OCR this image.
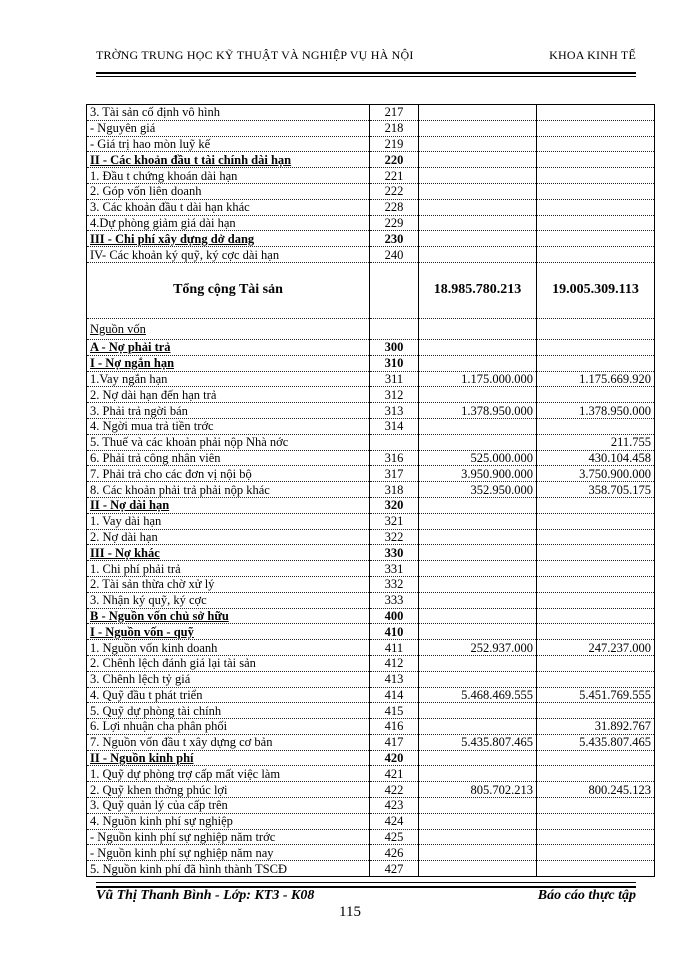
TRỜNG TRUNG HỌC KỸ THUẬT VÀ NGHIỆP VỤ HÀ NỘI	KHOA KINH TẾ
3. Tài sản cố định vô hình	217		
- Nguyên giá	218		
- Giá trị hao mòn luỹ kế	219		
II - Các khoản đầu t tài chính dài hạn	220		
1. Đầu t chứng khoán dài hạn	221		
2. Góp vốn liên doanh	222		
3. Các khoản đầu t dài hạn khác	228		
4.Dự phòng giảm giá dài hạn	229		
III - Chi phí xây dựng dở dang	230		
IV- Các khoản ký quỹ, ký cợc dài hạn	240		
Tổng cộng Tài sản		18.985.780.213	19.005.309.113
Nguồn vốn			
A - Nợ phải trả	300		
I - Nợ ngắn hạn	310		
1.Vay ngắn hạn	311	1.175.000.000	1.175.669.920
2. Nợ dài hạn đến hạn trả	312		
3. Phải trả ngời bán	313	1.378.950.000	1.378.950.000
4. Ngời mua trả tiền trớc	314		
5. Thuế và các khoản phải nộp Nhà nớc			211.755
6. Phải trả công nhân viên	316	525.000.000	430.104.458
7. Phải trả cho các đơn vị nội bộ	317	3.950.900.000	3.750.900.000
8. Các khoản phải trả phải nộp khác	318	352.950.000	358.705.175
II - Nợ dài hạn	320		
1. Vay dài hạn	321		
2. Nợ dài hạn	322		
III - Nợ khác	330		
1. Chi phí phải trả	331		
2. Tài sản thừa chờ xử lý	332		
3. Nhận ký quỹ, ký cợc	333		
B - Nguồn vốn chủ sở hữu	400		
I - Nguồn vốn - quỹ	410		
1. Nguồn vốn kinh doanh	411	252.937.000	247.237.000
2. Chênh lệch đánh giá lại tài sản	412		
3. Chênh lệch tỷ giá	413		
4. Quỹ đầu t phát triển	414	5.468.469.555	5.451.769.555
5. Quỹ dự phòng tài chính	415		
6. Lợi nhuận cha phân phối	416		31.892.767
7. Nguồn vốn đầu t xây dựng cơ bản	417	5.435.807.465	5.435.807.465
II - Nguồn kinh phí	420		
1. Quỹ dự phòng trợ cấp mất việc làm	421		
2. Quỹ khen thởng phúc lợi	422	805.702.213	800.245.123
3. Quỹ quản lý của cấp trên	423		
4. Nguồn kinh phí sự nghiệp	424		
- Nguồn kinh phí sự nghiệp năm trớc	425		
- Nguồn kinh phí sự nghiệp năm nay	426		
5. Nguồn kinh phí đã hình thành TSCĐ	427		
Vũ Thị Thanh Bình - Lớp: KT3 - K08	Báo cáo thực tập
115
